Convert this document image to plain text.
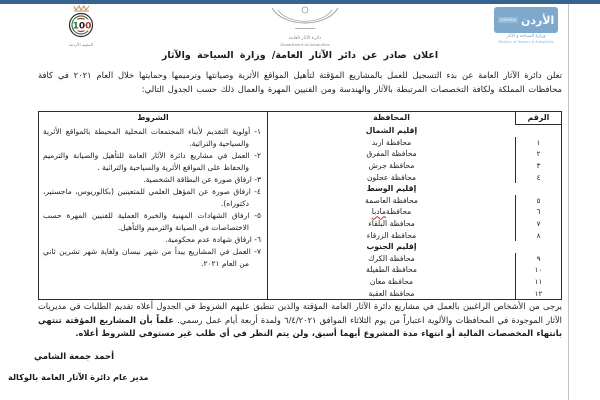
100
المئوية الأردنية
دائرة الآثار العامة
Department of Antiquities
JORDAN الأردن
وزارة السياحة و الآثار
Ministry of Tourism & Antiquities
اعلان صادر عن دائر الآثار العامة/ وزارة السياحة والآثار
تعلن دائرة الآثار العامة عن بدء التسجيل للعمل بالمشاريع المؤقتة لتأهيل المواقع الأثرية وصيانتها وترميمها وحمايتها خلال العام ٢٠٢١ في كافة محافظات المملكة ولكافة التخصصات المرتبطة بالآثار والهندسة ومن الفنيين المهرة والعمال ذلك حسب الجدول التالي:
الرقم
المحافظة
إقليم الشمال
١
محافظة اربد
٢
محافظة المفرق
٣
محافظة جرش
٤
محافظة عجلون
إقليم الوسط
٥
محافظة العاصمة
٦
محافظة
مادبا
٧
محافظة البلقاء
٨
محافظة الزرقاء
إقليم الجنوب
٩
محافظة الكرك
١٠
محافظة الطفيلة
١١
محافظة معان
١٢
محافظة العقبة
الشروط
١- أولوية التقديم لأبناء المجتمعات المحلية المحيطة بالمواقع الأثرية والسياحية والتراثية.
٢- العمل في مشاريع دائرة الآثار العامة للتأهيل والصيانة والترميم والحفاظ على المواقع الأثرية والسياحية والتراثية .
٣- ارفاق صورة عن البطاقة الشخصية.
٤- ارفاق صورة عن المؤهل العلمي للمتعينين (بكالوريوس، ماجستير، دكتوراه).
٥- ارفاق الشهادات المهنية والخبرة العملية للفنيين المهرة حسب الاختصاصات في الصيانة والترميم والتأهيل.
٦- ارفاق شهادة عدم محكومية.
٧- العمل في المشاريع يبدأ من شهر نيسان ولغاية شهر تشرين ثاني من العام ٢٠٢١.
يرجى من الأشخاص الراغبين بالعمل في مشاريع دائرة الآثار العامة المؤقتة والذين تنطبق عليهم الشروط في الجدول أعلاه تقديم الطلبات في مديريات الآثار الموجودة في المحافظات والألوية اعتباراً من يوم الثلاثاء الموافق ٦/٤/٢٠٢١ ولمدة أربعة أيام عمل رسمي. علماً بأن المشاريع المؤقتة تنتهي بانتهاء المخصصات المالية أو انتهاء مدة المشروع أيهما أسبق، ولن يتم النظر في أي طلب غير مستوفي للشروط أعلاه.
أحمد جمعة الشامي
مدير عام دائرة الآثار العامة بالوكالة
